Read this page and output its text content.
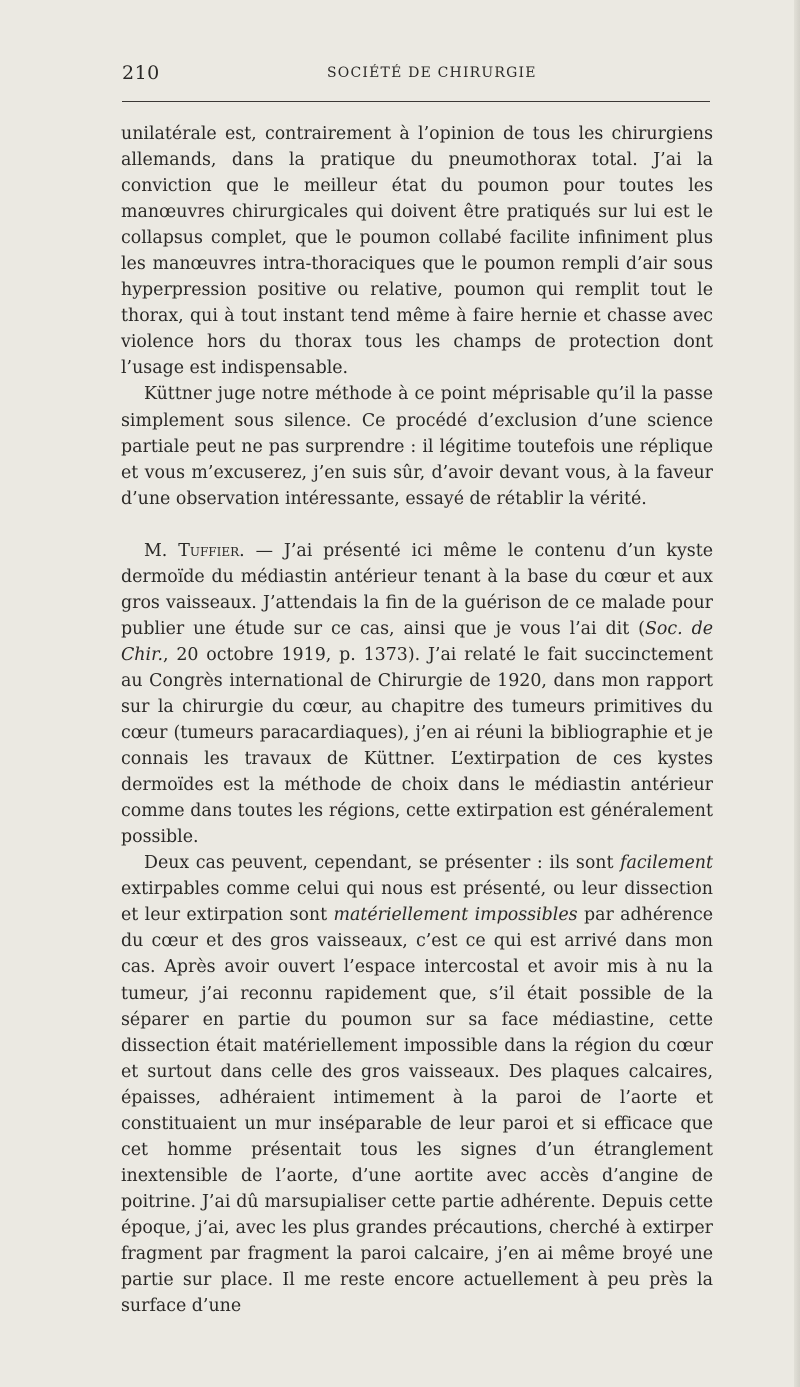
210	SOCIÉTÉ DE CHIRURGIE

unilatérale est, contrairement à l’opinion de tous les chirurgiens allemands, dans la pratique du pneumothorax total. J’ai la conviction que le meilleur état du poumon pour toutes les manœuvres chirurgicales qui doivent être pratiqués sur lui est le collapsus complet, que le poumon collabé facilite infiniment plus les manœuvres intra-thoraciques que le poumon rempli d’air sous hyperpression positive ou relative, poumon qui remplit tout le thorax, qui à tout instant tend même à faire hernie et chasse avec violence hors du thorax tous les champs de protection dont l’usage est indispensable.

Küttner juge notre méthode à ce point méprisable qu’il la passe simplement sous silence. Ce procédé d’exclusion d’une science partiale peut ne pas surprendre : il légitime toutefois une réplique et vous m’excuserez, j’en suis sûr, d’avoir devant vous, à la faveur d’une observation intéressante, essayé de rétablir la vérité.

M. Tuffier. — J’ai présenté ici même le contenu d’un kyste dermoïde du médiastin antérieur tenant à la base du cœur et aux gros vaisseaux. J’attendais la fin de la guérison de ce malade pour publier une étude sur ce cas, ainsi que je vous l’ai dit (Soc. de Chir., 20 octobre 1919, p. 1373). J’ai relaté le fait succinctement au Congrès international de Chirurgie de 1920, dans mon rapport sur la chirurgie du cœur, au chapitre des tumeurs primitives du cœur (tumeurs paracardiaques), j’en ai réuni la bibliographie et je connais les travaux de Küttner. L’extirpation de ces kystes dermoïdes est la méthode de choix dans le médiastin antérieur comme dans toutes les régions, cette extirpation est généralement possible.

Deux cas peuvent, cependant, se présenter : ils sont facilement extirpables comme celui qui nous est présenté, ou leur dissection et leur extirpation sont matériellement impossibles par adhérence du cœur et des gros vaisseaux, c’est ce qui est arrivé dans mon cas. Après avoir ouvert l’espace intercostal et avoir mis à nu la tumeur, j’ai reconnu rapidement que, s’il était possible de la séparer en partie du poumon sur sa face médiastine, cette dissection était matériellement impossible dans la région du cœur et surtout dans celle des gros vaisseaux. Des plaques calcaires, épaisses, adhéraient intimement à la paroi de l’aorte et constituaient un mur inséparable de leur paroi et si efficace que cet homme présentait tous les signes d’un étranglement inextensible de l’aorte, d’une aortite avec accès d’angine de poitrine. J’ai dû marsupialiser cette partie adhérente. Depuis cette époque, j’ai, avec les plus grandes précautions, cherché à extirper fragment par fragment la paroi calcaire, j’en ai même broyé une partie sur place. Il me reste encore actuellement à peu près la surface d’une
